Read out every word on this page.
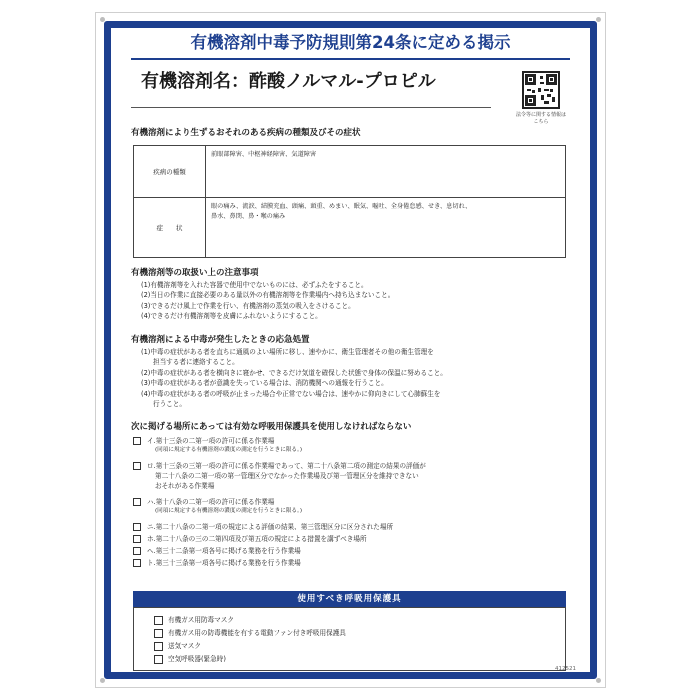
有機溶剤中毒予防規則第24条に定める掲示
有機溶剤名：酢酸ノルマル-プロピル
法令等に関する情報はこちら
有機溶剤により生ずるおそれのある疾病の種類及びその症状
疾病の種類
前眼部障害、中枢神経障害、気道障害
症　　状
眼の痛み、流涙、結膜充血、頭痛、頭重、めまい、眠気、嘔吐、全身倦怠感、せき、息切れ、
鼻水、鼻閉、鼻・喉の痛み
有機溶剤等の取扱い上の注意事項
(1)有機溶剤等を入れた容器で使用中でないものには、必ずふたをすること。
(2)当日の作業に直接必要のある量以外の有機溶剤等を作業場内へ持ち込まないこと。
(3)できるだけ風上で作業を行い、有機溶剤の蒸気の吸入をさけること。
(4)できるだけ有機溶剤等を皮膚にふれないようにすること。
有機溶剤による中毒が発生したときの応急処置
(1)中毒の症状がある者を直ちに通風のよい場所に移し、速やかに、衛生管理者その他の衛生管理を
担当する者に連絡すること。
(2)中毒の症状がある者を横向きに寝かせ、できるだけ気道を確保した状態で身体の保温に努めること。
(3)中毒の症状がある者が意識を失っている場合は、消防機関への通報を行うこと。
(4)中毒の症状がある者の呼吸が止まった場合や正常でない場合は、速やかに仰向きにして心肺蘇生を
行うこと。
次に掲げる場所にあっては有効な呼吸用保護具を使用しなければならない
イ.第十三条の二第一項の許可に係る作業場
(同項に規定する有機溶剤の濃度の測定を行うときに限る。)
ロ.第十三条の三第一項の許可に係る作業場であって、第二十八条第二項の測定の結果の評価が
第二十八条の二第一項の第一管理区分でなかった作業場及び第一管理区分を維持できない
おそれがある作業場
ハ.第十八条の二第一項の許可に係る作業場
(同項に規定する有機溶剤の濃度の測定を行うときに限る。)
ニ.第二十八条の二第一項の規定による評価の結果、第三管理区分に区分された場所
ホ.第二十八条の三の二第四項及び第五項の規定による措置を講ずべき場所
ヘ.第三十二条第一項各号に掲げる業務を行う作業場
ト.第三十三条第一項各号に掲げる業務を行う作業場
使用すべき呼吸用保護具
有機ガス用防毒マスク
有機ガス用の防毒機能を有する電動ファン付き呼吸用保護具
送気マスク
空気呼吸器(緊急時)
412521
